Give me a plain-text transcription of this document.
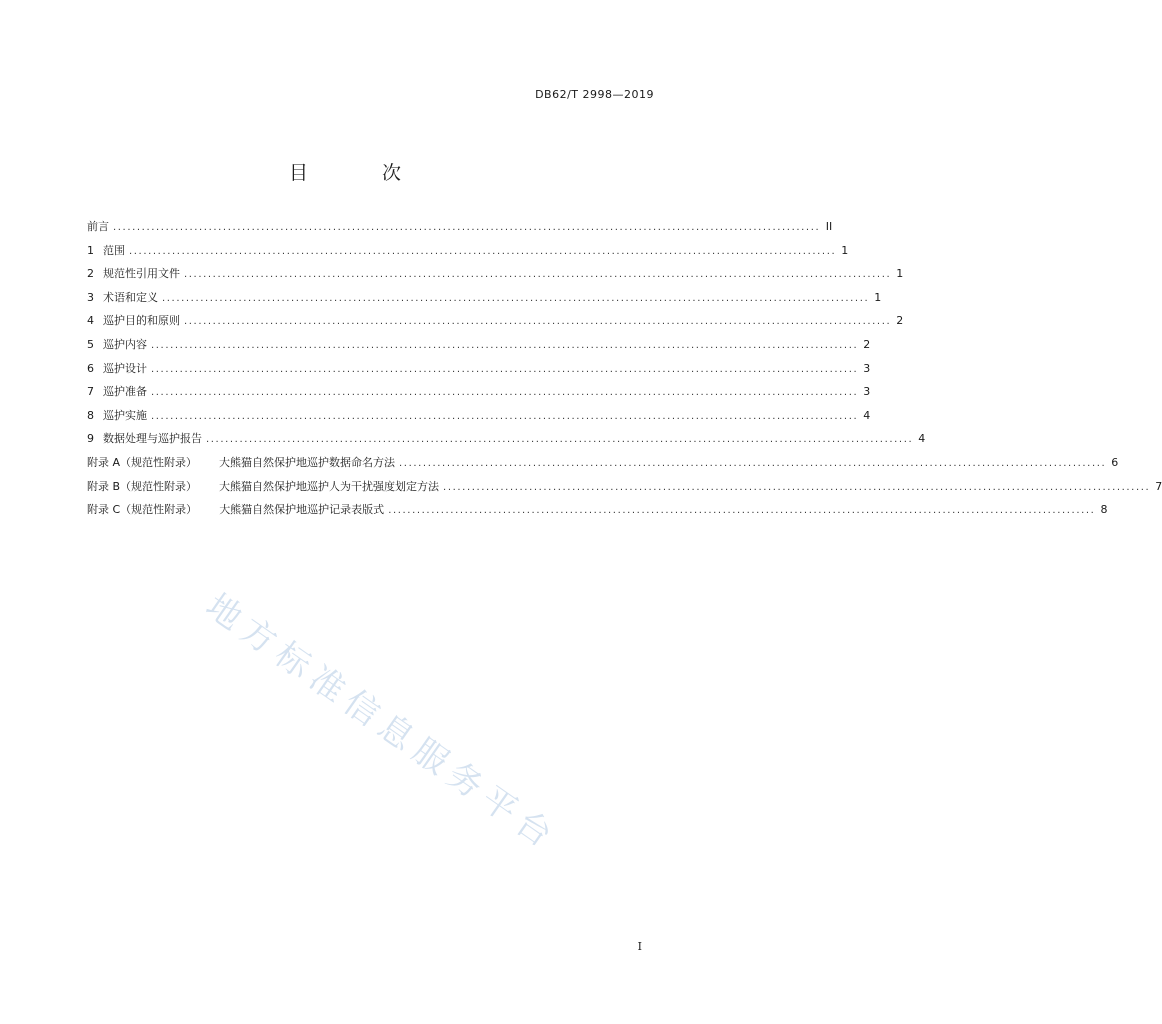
DB62/T 2998—2019
目 次
前言 .................................................................................................................................................... II
1 范围 .................................................................................................................................................... 1
2 规范性引用文件 .................................................................................................................................................... 1
3 术语和定义 .................................................................................................................................................... 1
4 巡护目的和原则 .................................................................................................................................................... 2
5 巡护内容 .................................................................................................................................................... 2
6 巡护设计 .................................................................................................................................................... 3
7 巡护准备 .................................................................................................................................................... 3
8 巡护实施 .................................................................................................................................................... 4
9 数据处理与巡护报告 .................................................................................................................................................... 4
附录 A（规范性附录） 大熊猫自然保护地巡护数据命名方法 .................................................................................................................................................... 6
附录 B（规范性附录） 大熊猫自然保护地巡护人为干扰强度划定方法 .................................................................................................................................................... 7
附录 C（规范性附录） 大熊猫自然保护地巡护记录表版式 .................................................................................................................................................... 8
地方标准信息服务平台
I
